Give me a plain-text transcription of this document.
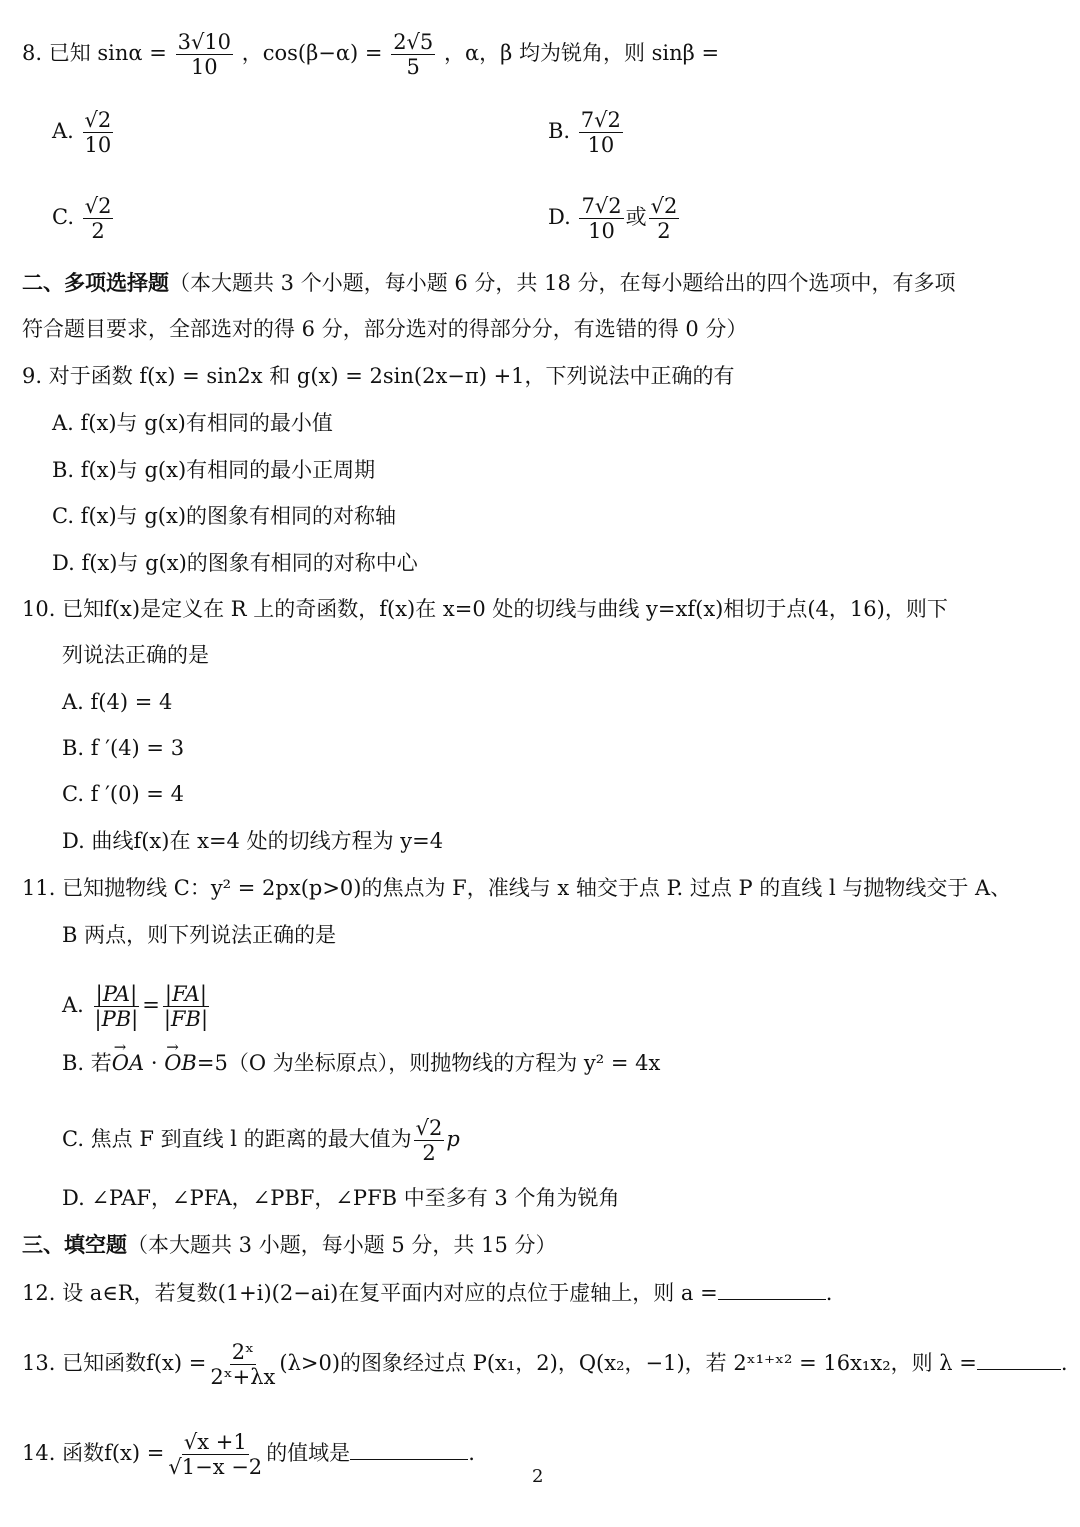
8. 已知 $\sin\alpha = \frac{3√10}{10}$ ，$\cos(\beta-\alpha) = \frac{2√5}{5}$ ，α，β 均为锐角，则 sinβ =
A. $\frac{√2}{10}$	B. $\frac{7√2}{10}$
C. $\frac{√2}{2}$	D. $\frac{7√2}{10}$ 或 $\frac{√2}{2}$
二、多项选择题（本大题共 3 个小题，每小题 6 分，共 18 分，在每小题给出的四个选项中，有多项
符合题目要求，全部选对的得 6 分，部分选对的得部分分，有选错的得 0 分）
9. 对于函数 f(x) = sin2x 和 g(x) = 2sin(2x−π) +1，下列说法中正确的有
A. f(x)与 g(x)有相同的最小值
B. f(x)与 g(x)有相同的最小正周期
C. f(x)与 g(x)的图象有相同的对称轴
D. f(x)与 g(x)的图象有相同的对称中心
10. 已知f(x)是定义在 R 上的奇函数，f(x)在 x=0 处的切线与曲线 y=xf(x)相切于点(4，16)，则下
列说法正确的是
A. f(4) = 4
B. f ′(4) = 3
C. f ′(0) = 4
D. 曲线f(x)在 x=4 处的切线方程为 y=4
11. 已知抛物线 C：y² = 2px(p>0)的焦点为 F，准线与 x 轴交于点 P. 过点 P 的直线 l 与抛物线交于 A、
B 两点，则下列说法正确的是
A. $\frac{|PA|}{|PB|} = \frac{|FA|}{|FB|}$
B. 若→ OA · → OB=5（O 为坐标原点），则抛物线的方程为 y² = 4x
C. 焦点 F 到直线 l 的距离的最大值为 $\frac{√2}{2}$ p
D. ∠PAF，∠PFA，∠PBF，∠PFB 中至多有 3 个角为锐角
三、填空题（本大题共 3 小题，每小题 5 分，共 15 分）
12. 设 a∈R，若复数(1+i)(2−ai)在复平面内对应的点位于虚轴上，则 a =	.
13. 已知函数$f(x) = \frac{\text{2ˣ}}{\text{2ˣ+λx}} (\lambda>0)$的图象经过点 P(x₁，2)，Q(x₂，−1)，若 2ˣ¹⁺ˣ² = 16x₁x₂，则 λ =	.
14. 函数$f(x) = \frac{√x +1}{√1-x -2}$ 的值域是	.
2
